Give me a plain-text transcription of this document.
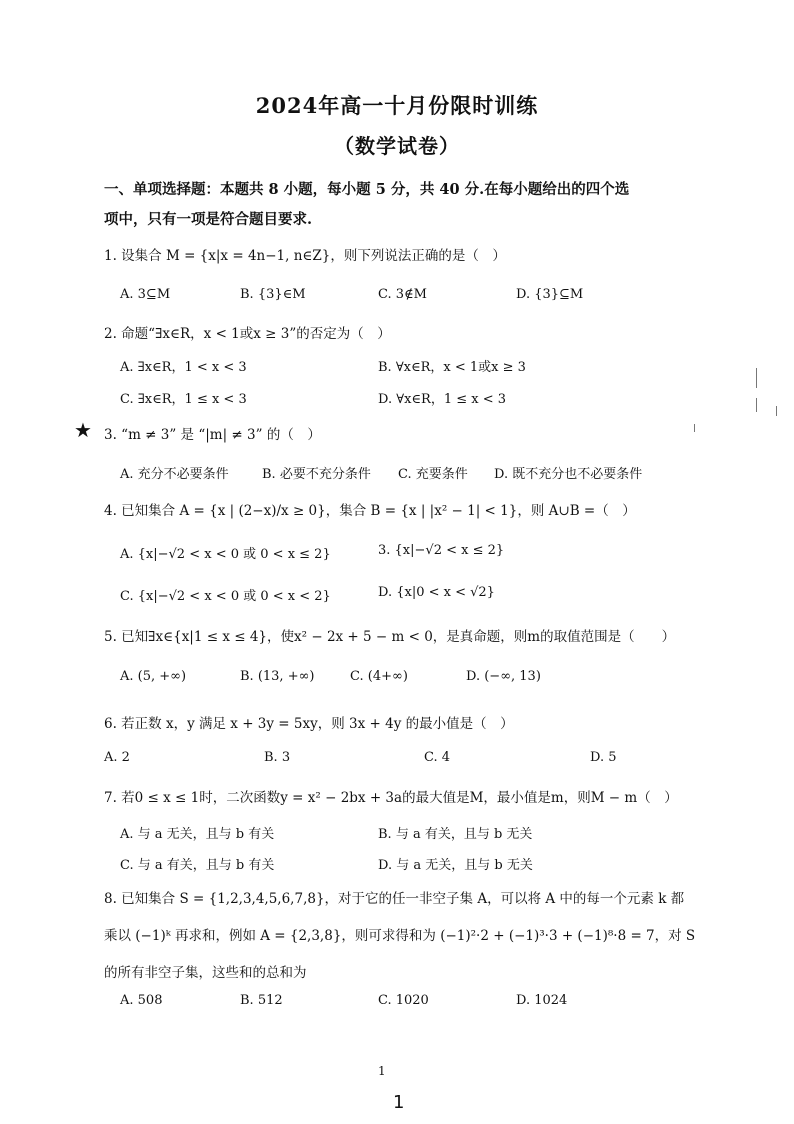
2024年高一十月份限时训练
（数学试卷）
一、单项选择题：本题共 8 小题，每小题 5 分，共 40 分.在每小题给出的四个选
项中，只有一项是符合题目要求.
1. 设集合 M = {x|x = 4n−1, n∈Z}，则下列说法正确的是（　）
A. 3⊆M	B. {3}∈M	C. 3∉M	D. {3}⊆M
2. 命题“∃x∈R，x < 1或x ≥ 3”的否定为（　）
A. ∃x∈R，1 < x < 3	B. ∀x∈R，x < 1或x ≥ 3
C. ∃x∈R，1 ≤ x < 3	D. ∀x∈R，1 ≤ x < 3
★ 3. “m ≠ 3” 是 “|m| ≠ 3” 的（　）
A. 充分不必要条件	B. 必要不充分条件 C. 充要条件 D. 既不充分也不必要条件
4. 已知集合 A = {x | (2−x)/x ≥ 0}，集合 B = {x | |x² − 1| < 1}，则 A∪B =（　）
A. {x|−√2 < x < 0 或 0 < x ≤ 2}	3. {x|−√2 < x ≤ 2}
C. {x|−√2 < x < 0 或 0 < x < 2}	D. {x|0 < x < √2}
5. 已知∃x∈{x|1 ≤ x ≤ 4}，使x² − 2x + 5 − m < 0，是真命题，则m的取值范围是（　　）
A. (5, +∞)	B. (13, +∞)	C. (4+∞)	D. (−∞, 13)
6. 若正数 x，y 满足 x + 3y = 5xy，则 3x + 4y 的最小值是（　）
A. 2	B. 3	C. 4	D. 5
7. 若0 ≤ x ≤ 1时，二次函数y = x² − 2bx + 3a的最大值是M，最小值是m，则M − m（　）
A. 与 a 无关，且与 b 有关	B. 与 a 有关，且与 b 无关
C. 与 a 有关，且与 b 有关	D. 与 a 无关，且与 b 无关
8. 已知集合 S = {1,2,3,4,5,6,7,8}，对于它的任一非空子集 A，可以将 A 中的每一个元素 k 都
乘以 (−1)ᵏ 再求和，例如 A = {2,3,8}，则可求得和为 (−1)²·2 + (−1)³·3 + (−1)⁸·8 = 7，对 S
的所有非空子集，这些和的总和为
A. 508	B. 512	C. 1020	D. 1024
1
1
